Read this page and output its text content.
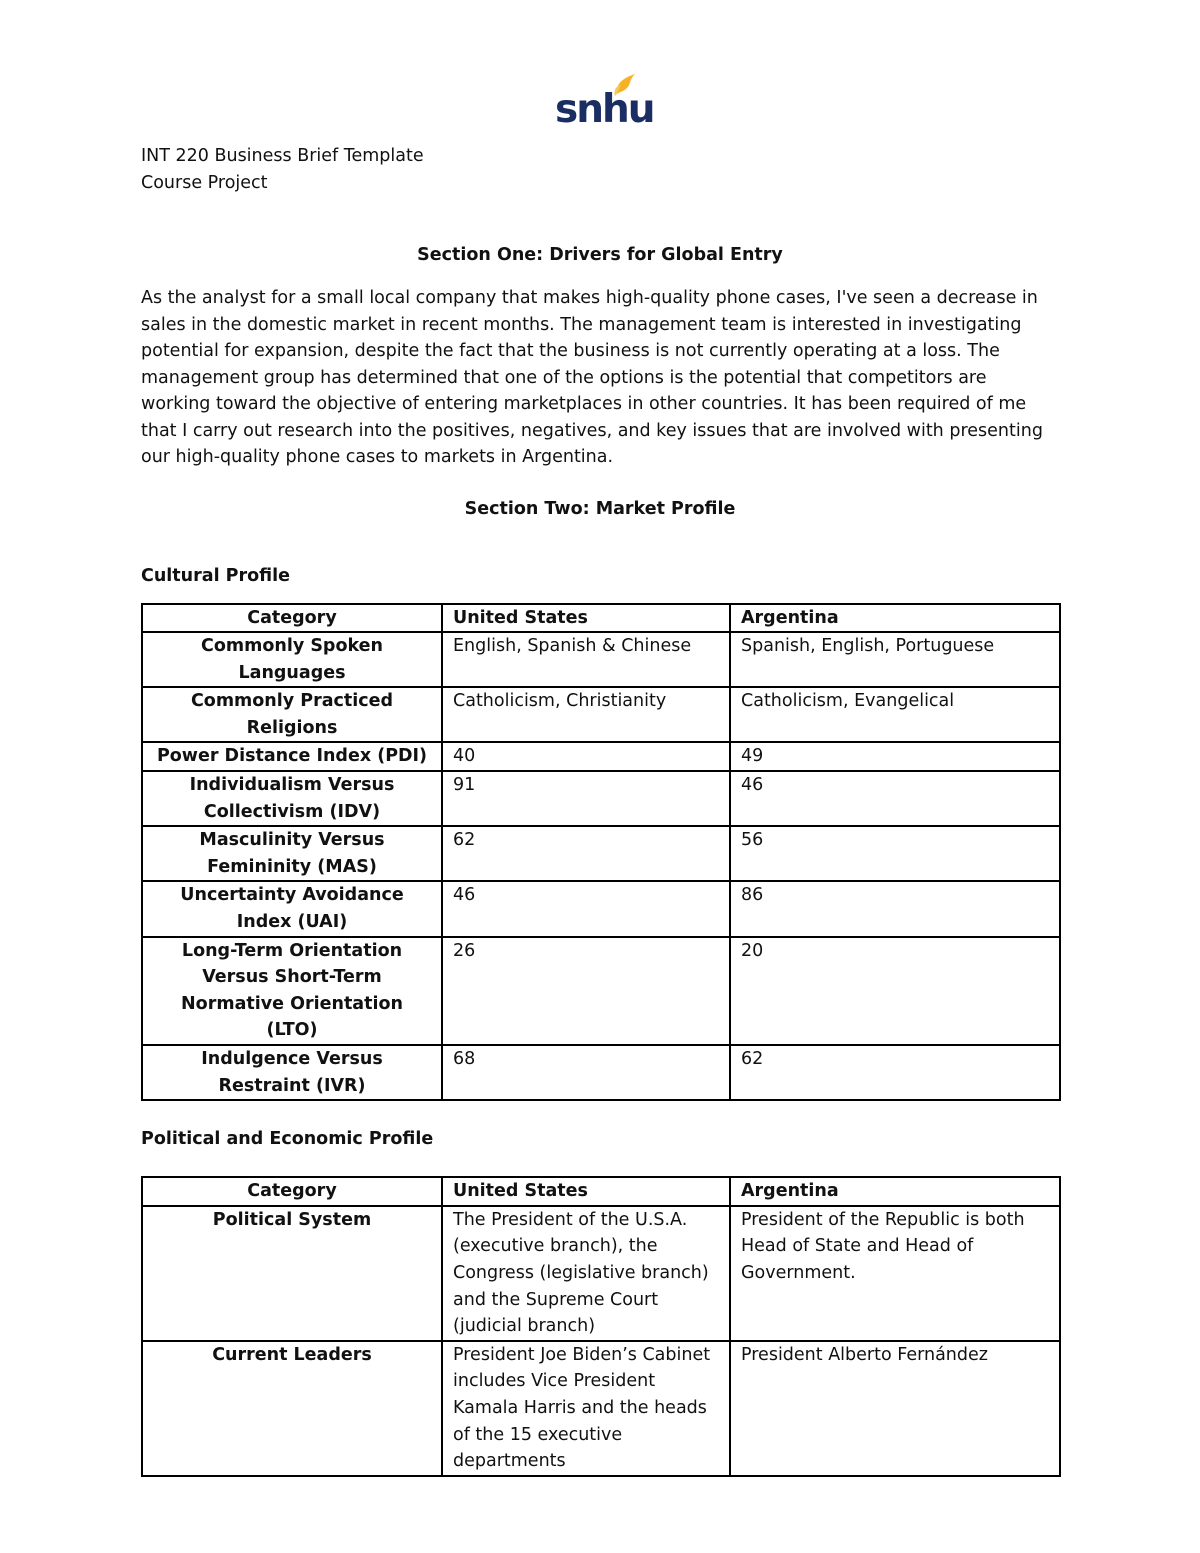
snhu
INT 220 Business Brief Template
Course Project
Section One: Drivers for Global Entry

As the analyst for a small local company that makes high-quality phone cases, I've seen a decrease in sales in the domestic market in recent months. The management team is interested in investigating potential for expansion, despite the fact that the business is not currently operating at a loss. The management group has determined that one of the options is the potential that competitors are working toward the objective of entering marketplaces in other countries. It has been required of me that I carry out research into the positives, negatives, and key issues that are involved with presenting our high-quality phone cases to markets in Argentina.

Section Two: Market Profile
Cultural Profile
Category	United States	Argentina
Commonly Spoken Languages	English, Spanish & Chinese	Spanish, English, Portuguese
Commonly Practiced Religions	Catholicism, Christianity	Catholicism, Evangelical
Power Distance Index (PDI)	40	49
Individualism Versus Collectivism (IDV)	91	46
Masculinity Versus Femininity (MAS)	62	56
Uncertainty Avoidance Index (UAI)	46	86
Long-Term Orientation Versus Short-Term Normative Orientation (LTO)	26	20
Indulgence Versus Restraint (IVR)	68	62
Political and Economic Profile
Category	United States	Argentina
Political System	The President of the U.S.A. (executive branch), the Congress (legislative branch) and the Supreme Court (judicial branch)	President of the Republic is both Head of State and Head of Government.
Current Leaders	President Joe Biden’s Cabinet includes Vice President Kamala Harris and the heads of the 15 executive departments	President Alberto Fernández
